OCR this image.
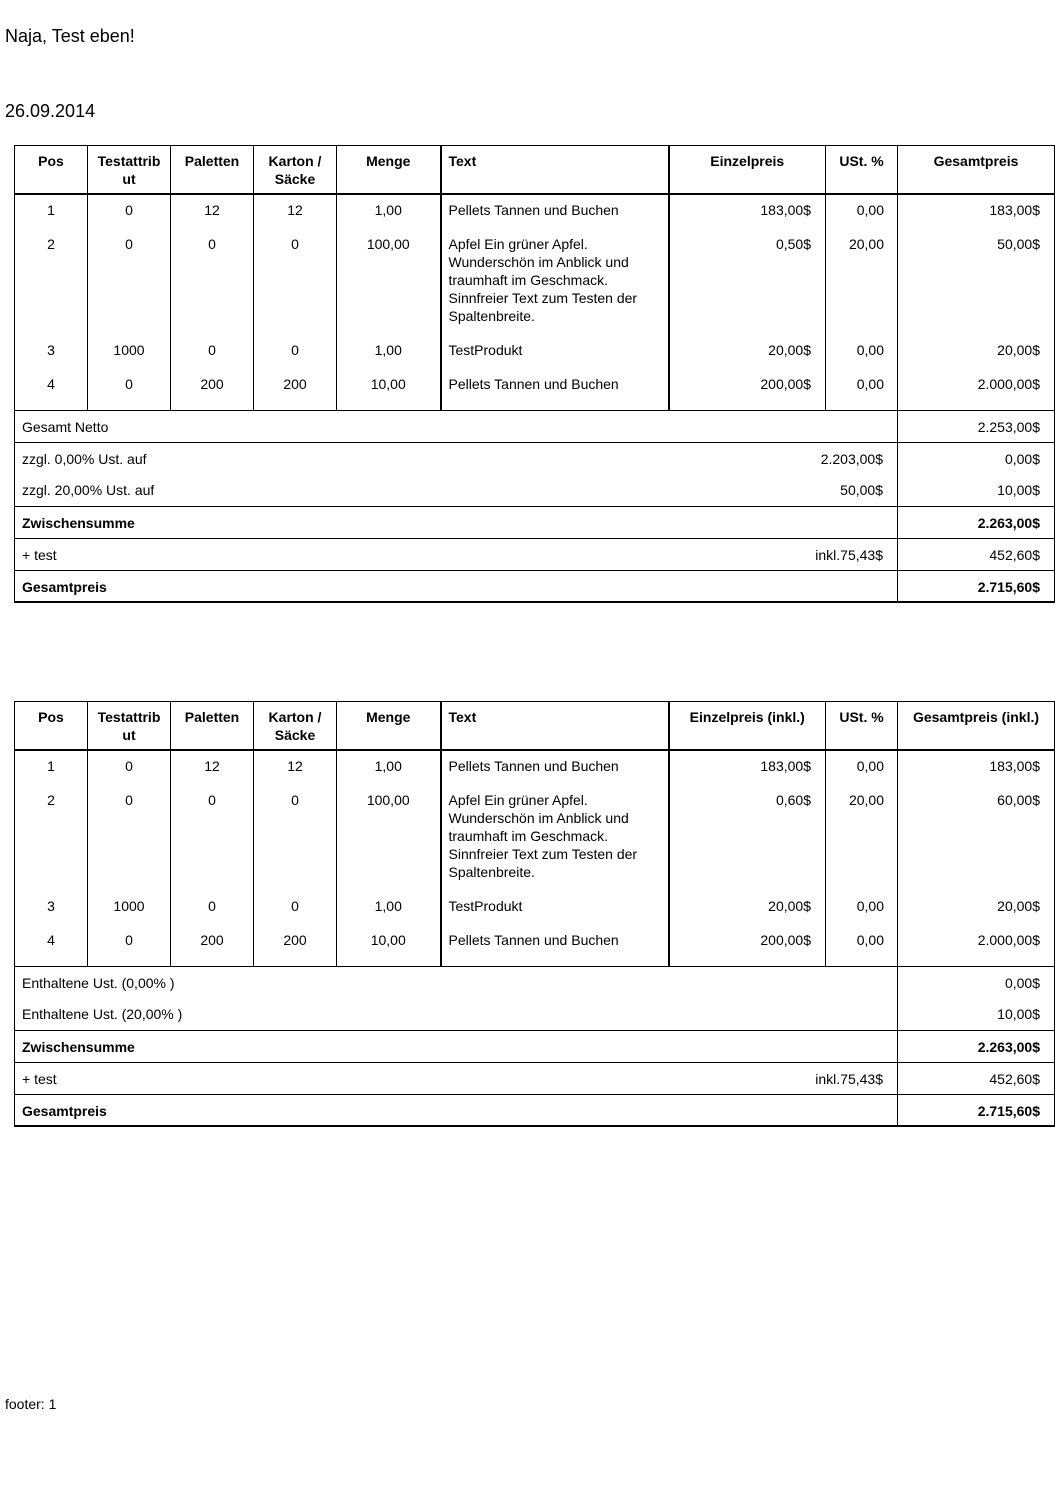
Naja, Test eben!
26.09.2014
Pos	Testattrib ut	Paletten	Karton / Säcke	Menge	Text	Einzelpreis	USt. %	Gesamtpreis
1	0	12	12	1,00	Pellets Tannen und Buchen	183,00$	0,00	183,00$
2	0	0	0	100,00	Apfel Ein grüner Apfel. Wunderschön im Anblick und traumhaft im Geschmack. Sinnfreier Text zum Testen der Spaltenbreite.	0,50$	20,00	50,00$
3	1000	0	0	1,00	TestProdukt	20,00$	0,00	20,00$
4	0	200	200	10,00	Pellets Tannen und Buchen	200,00$	0,00	2.000,00$
Gesamt Netto								2.253,00$
zzgl. 0,00% Ust. auf						2.203,00$		0,00$
zzgl. 20,00% Ust. auf						50,00$		10,00$
Zwischensumme								2.263,00$
+ test						inkl.75,43$		452,60$
Gesamtpreis								2.715,60$
Pos	Testattrib ut	Paletten	Karton / Säcke	Menge	Text	Einzelpreis (inkl.)	USt. %	Gesamtpreis (inkl.)
1	0	12	12	1,00	Pellets Tannen und Buchen	183,00$	0,00	183,00$
2	0	0	0	100,00	Apfel Ein grüner Apfel. Wunderschön im Anblick und traumhaft im Geschmack. Sinnfreier Text zum Testen der Spaltenbreite.	0,60$	20,00	60,00$
3	1000	0	0	1,00	TestProdukt	20,00$	0,00	20,00$
4	0	200	200	10,00	Pellets Tannen und Buchen	200,00$	0,00	2.000,00$
Enthaltene Ust. (0,00% )								0,00$
Enthaltene Ust. (20,00% )								10,00$
Zwischensumme								2.263,00$
+ test						inkl.75,43$		452,60$
Gesamtpreis								2.715,60$
footer: 1
